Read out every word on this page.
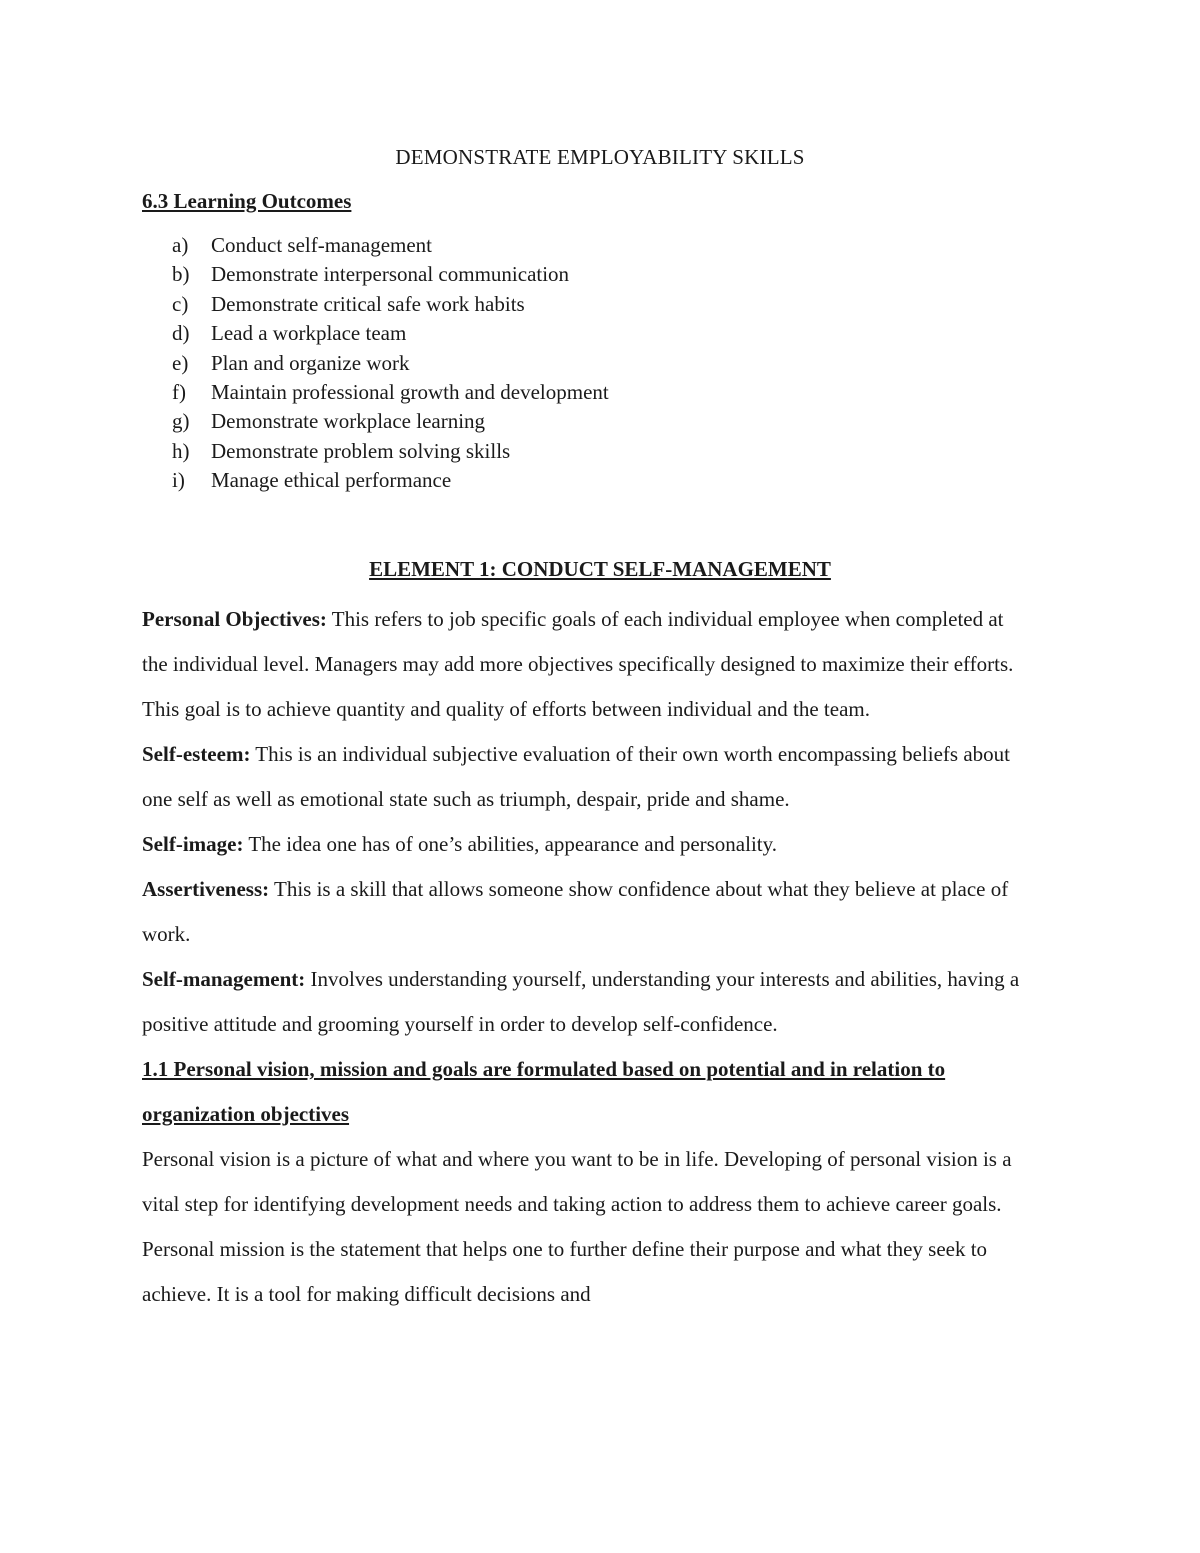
DEMONSTRATE EMPLOYABILITY SKILLS
6.3 Learning Outcomes
a) Conduct self-management
b) Demonstrate interpersonal communication
c) Demonstrate critical safe work habits
d) Lead a workplace team
e) Plan and organize work
f) Maintain professional growth and development
g) Demonstrate workplace learning
h) Demonstrate problem solving skills
i) Manage ethical performance
ELEMENT 1: CONDUCT SELF-MANAGEMENT

Personal Objectives: This refers to job specific goals of each individual employee when completed at the individual level. Managers may add more objectives specifically designed to maximize their efforts. This goal is to achieve quantity and quality of efforts between individual and the team.

Self-esteem: This is an individual subjective evaluation of their own worth encompassing beliefs about one self as well as emotional state such as triumph, despair, pride and shame.

Self-image: The idea one has of one’s abilities, appearance and personality.

Assertiveness: This is a skill that allows someone show confidence about what they believe at place of work.

Self-management: Involves understanding yourself, understanding your interests and abilities, having a positive attitude and grooming yourself in order to develop self-confidence.

1.1 Personal vision, mission and goals are formulated based on potential and in relation to organization objectives

Personal vision is a picture of what and where you want to be in life. Developing of personal vision is a vital step for identifying development needs and taking action to address them to achieve career goals. Personal mission is the statement that helps one to further define their purpose and what they seek to achieve. It is a tool for making difficult decisions and
